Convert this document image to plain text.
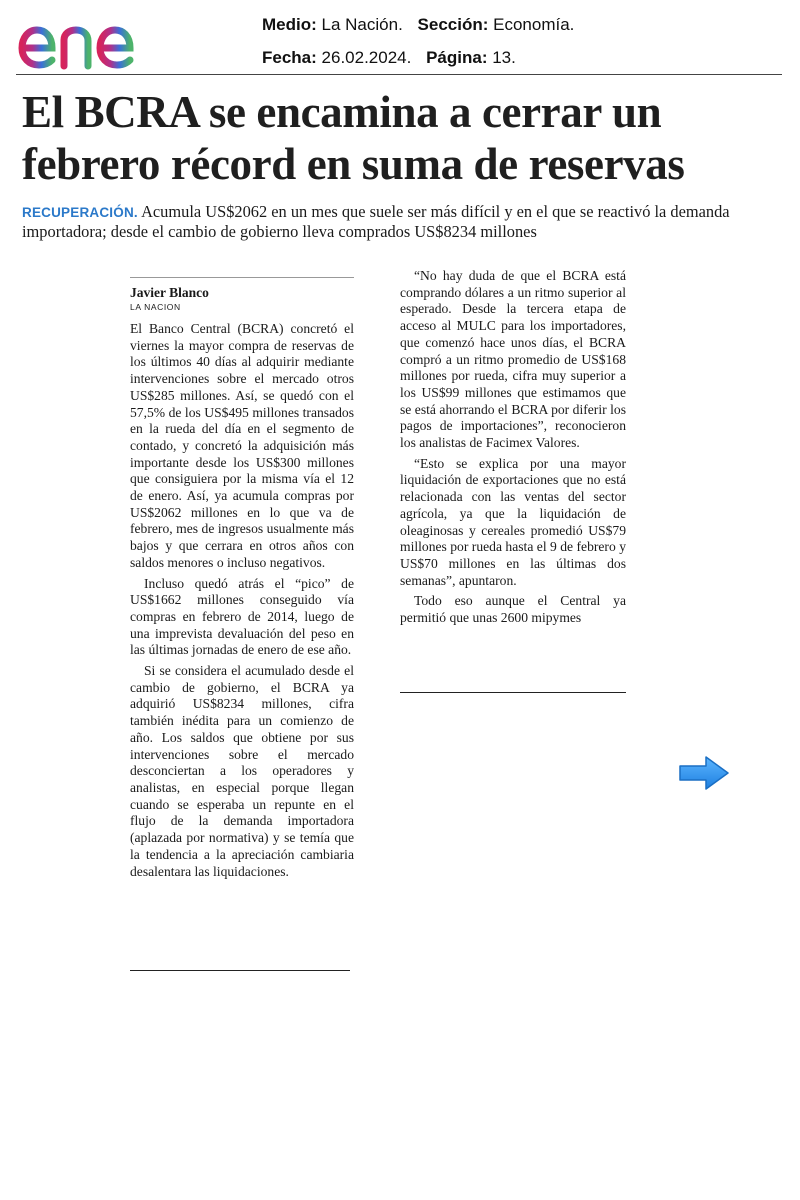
Medio: La Nación. Sección: Economía.
Fecha: 26.02.2024. Página: 13.
El BCRA se encamina a cerrar un
febrero récord en suma de reservas

RECUPERACIÓN. Acumula US$2062 en un mes que suele ser más difícil y en el que se reactivó la demanda importadora; desde el cambio de gobierno lleva comprados US$8234 millones

Javier Blanco
LA NACION

El Banco Central (BCRA) concretó el viernes la mayor compra de reservas de los últimos 40 días al adquirir mediante intervenciones sobre el mercado otros US$285 millones. Así, se quedó con el 57,5% de los US$495 millones transados en la rueda del día en el segmento de contado, y concretó la adquisición más importante desde los US$300 millones que consiguiera por la misma vía el 12 de enero. Así, ya acumula compras por US$2062 millones en lo que va de febrero, mes de ingresos usualmente más bajos y que cerrara en otros años con saldos menores o incluso negativos.

Incluso quedó atrás el “pico” de US$1662 millones conseguido vía compras en febrero de 2014, luego de una imprevista devaluación del peso en las últimas jornadas de enero de ese año.

Si se considera el acumulado desde el cambio de gobierno, el BCRA ya adquirió US$8234 millones, cifra también inédita para un comienzo de año. Los saldos que obtiene por sus intervenciones sobre el mercado desconciertan a los operadores y analistas, en especial porque llegan cuando se esperaba un repunte en el flujo de la demanda importadora (aplazada por normativa) y se temía que la tendencia a la apreciación cambiaria desalentara las liquidaciones.

“No hay duda de que el BCRA está comprando dólares a un ritmo superior al esperado. Desde la tercera etapa de acceso al MULC para los importadores, que comenzó hace unos días, el BCRA compró a un ritmo promedio de US$168 millones por rueda, cifra muy superior a los US$99 millones que estimamos que se está ahorrando el BCRA por diferir los pagos de importaciones”, reconocieron los analistas de Facimex Valores.

“Esto se explica por una mayor liquidación de exportaciones que no está relacionada con las ventas del sector agrícola, ya que la liquidación de oleaginosas y cereales promedió US$79 millones por rueda hasta el 9 de febrero y US$70 millones en las últimas dos semanas”, apuntaron.

Todo eso aunque el Central ya permitió que unas 2600 mipymes
